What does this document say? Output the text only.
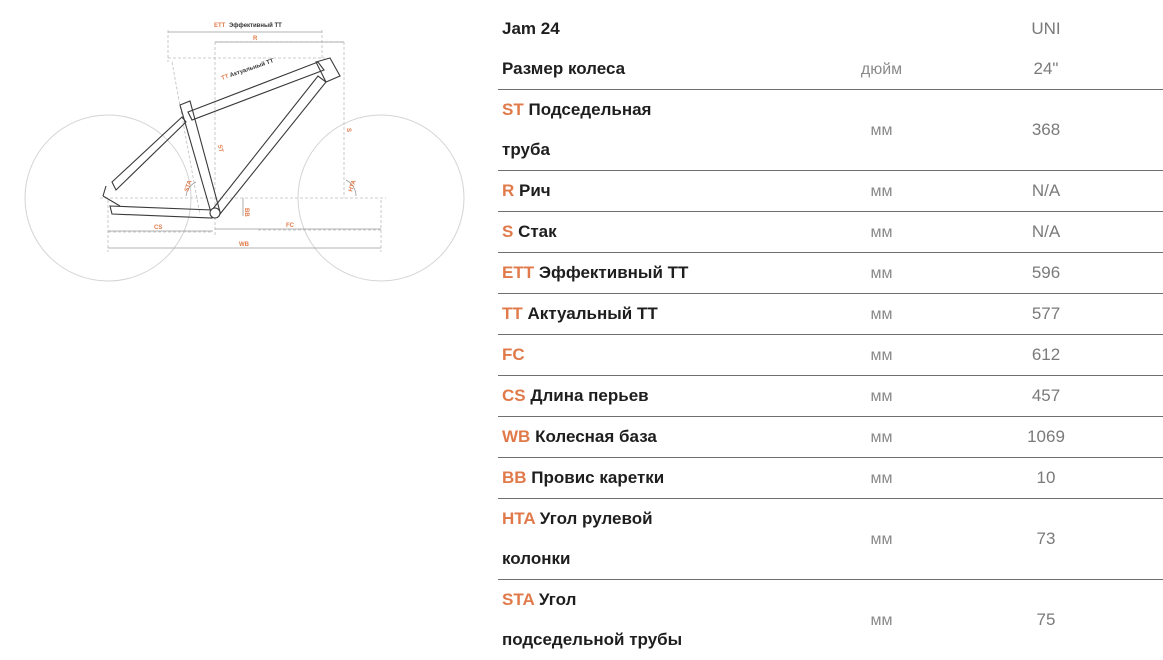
ETT Эффективный ТТ
R
TT Актуальный ТТ
ST
S
STA	HTA
BB
CS	FC
WB
Jam 24	UNI
Размер колеса	дюйм	24"
ST Подседельная
труба
мм	368
R Рич	мм	N/A
S Стак	мм	N/A
ETT Эффективный ТТ	мм	596
TT Актуальный ТТ	мм	577
FC	мм	612
CS Длина перьев	мм	457
WB Колесная база	мм	1069
BB Провис каретки	мм	10
HTA Угол рулевой
колонки
мм	73
STA Угол
подседельной трубы
мм	75
